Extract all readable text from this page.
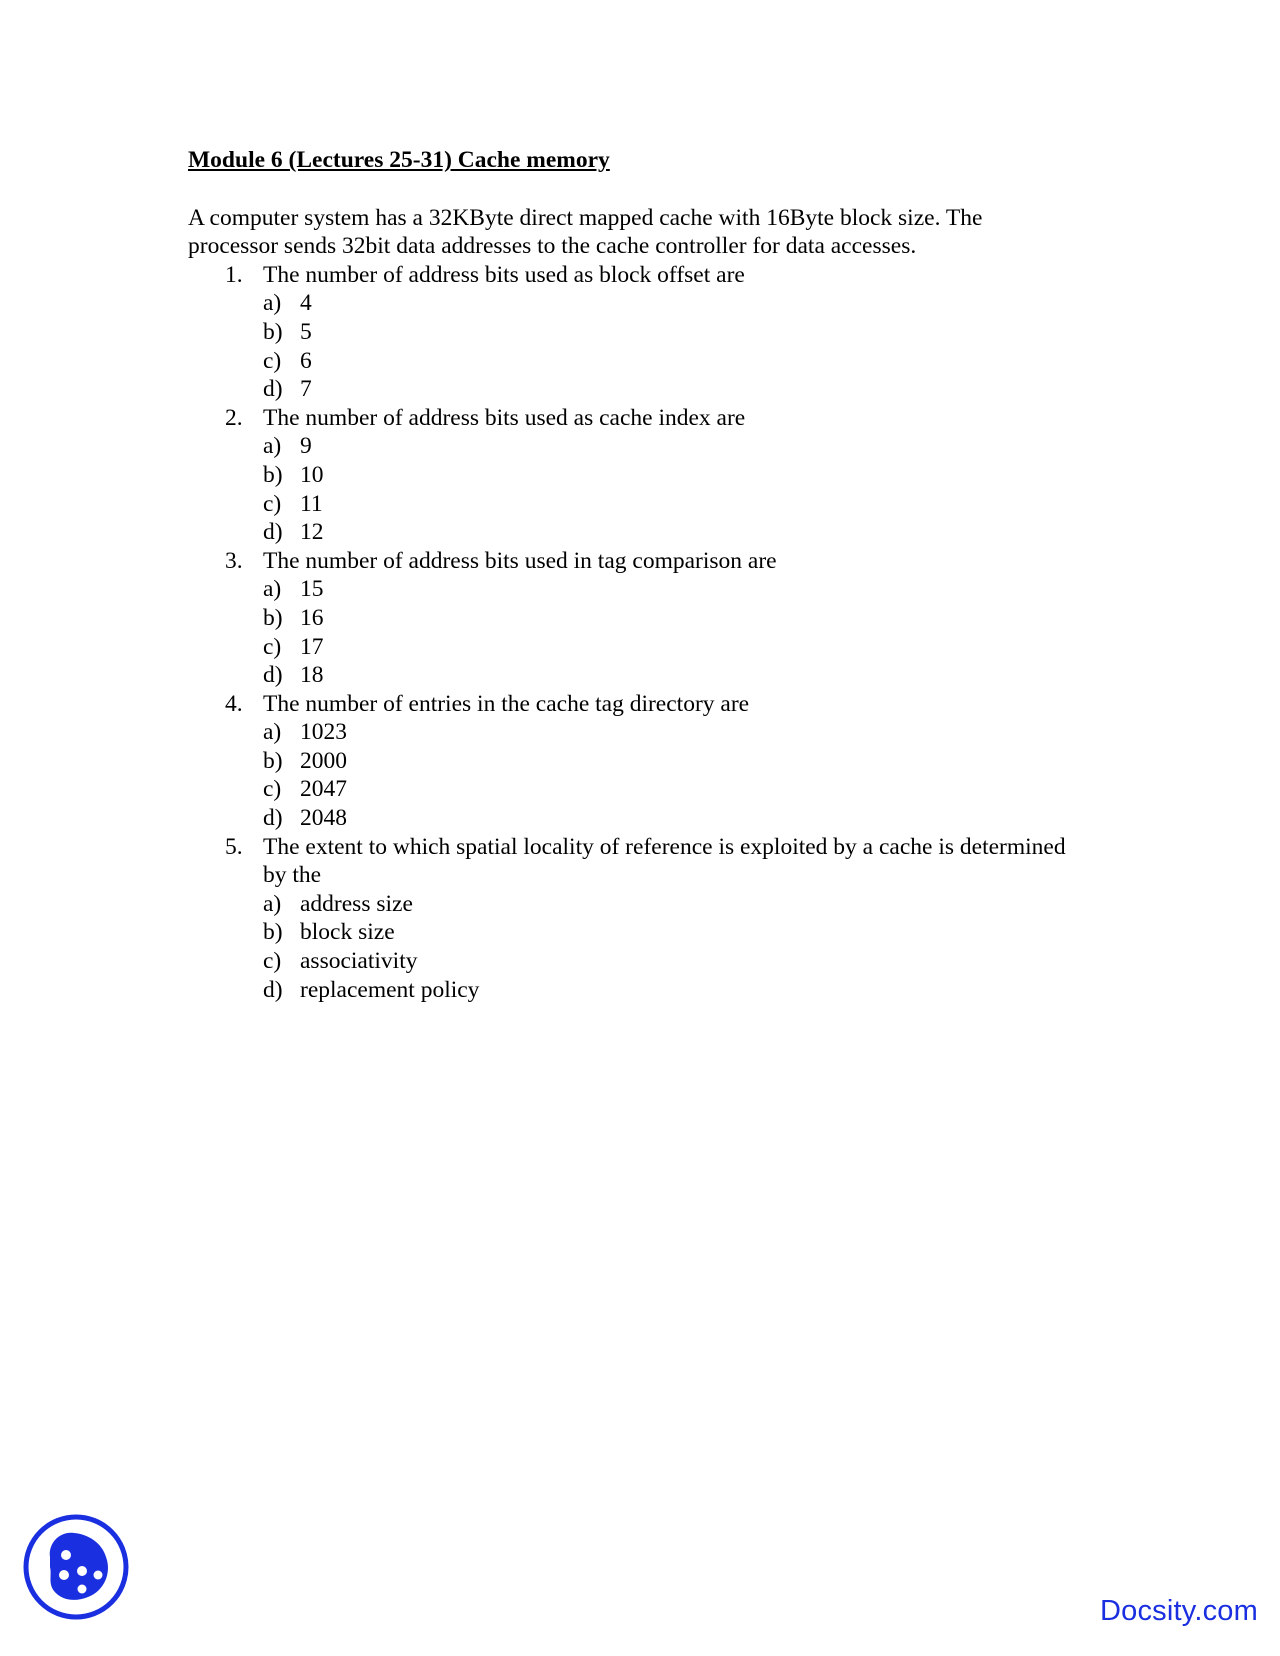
Module 6 (Lectures 25-31) Cache memory

A computer system has a 32KByte direct mapped cache with 16Byte block size. The processor sends 32bit data addresses to the cache controller for data accesses.

1. The number of address bits used as block offset are
a) 4
b) 5
c) 6
d) 7
2. The number of address bits used as cache index are
a) 9
b) 10
c) 11
d) 12
3. The number of address bits used in tag comparison are
a) 15
b) 16
c) 17
d) 18
4. The number of entries in the cache tag directory are
a) 1023
b) 2000
c) 2047
d) 2048
5. The extent to which spatial locality of reference is exploited by a cache is determined by the
a) address size
b) block size
c) associativity
d) replacement policy
Docsity.com
